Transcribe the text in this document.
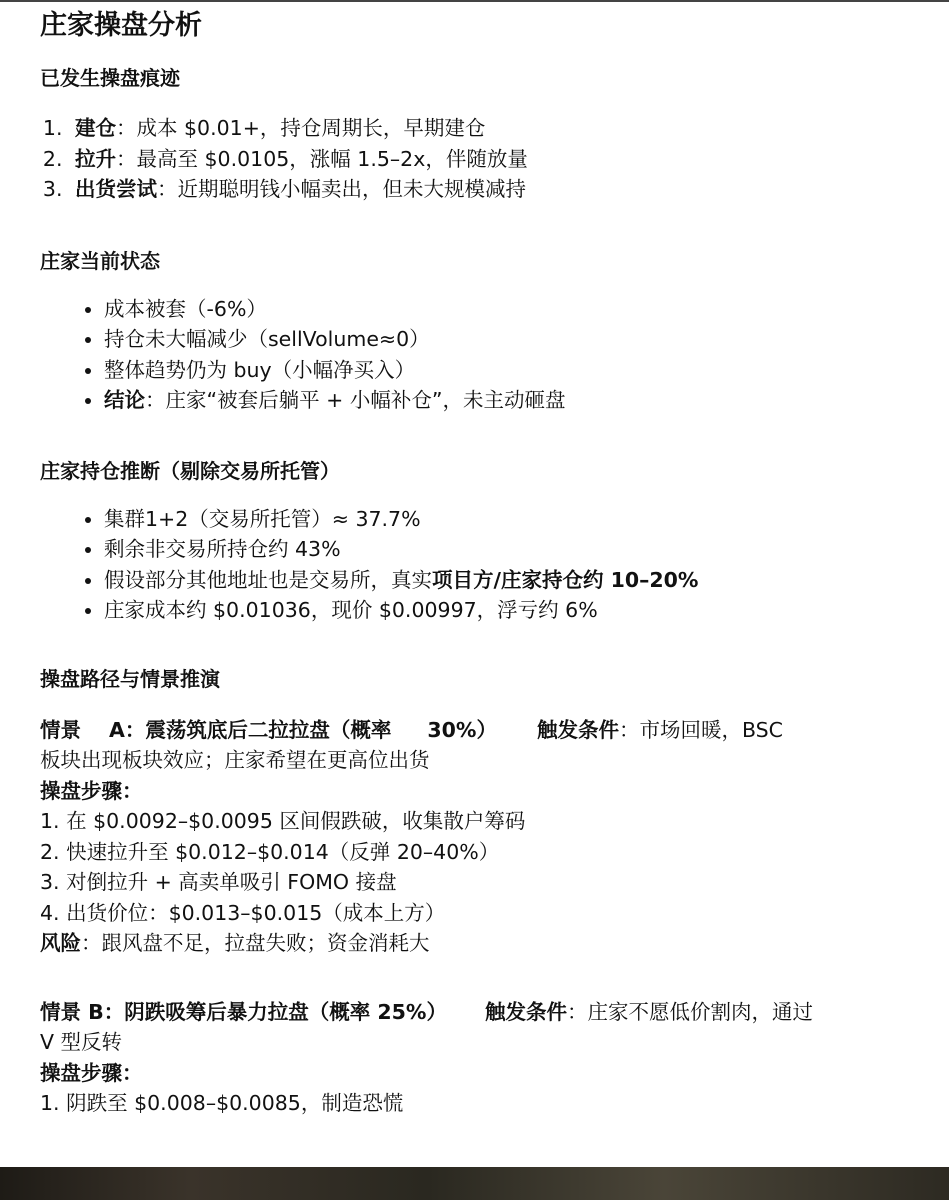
庄家操盘分析
已发生操盘痕迹
1. 建仓：成本 $0.01+，持仓周期长，早期建仓
2. 拉升：最高至 $0.0105，涨幅 1.5–2x，伴随放量
3. 出货尝试：近期聪明钱小幅卖出，但未大规模减持
庄家当前状态
• 成本被套（-6%）
• 持仓未大幅减少（sellVolume≈0）
• 整体趋势仍为 buy（小幅净买入）
• 结论：庄家“被套后躺平 + 小幅补仓”，未主动砸盘
庄家持仓推断（剔除交易所托管）
• 集群1+2（交易所托管）≈ 37.7%
• 剩余非交易所持仓约 43%
• 假设部分其他地址也是交易所，真实项目方/庄家持仓约 10–20%
• 庄家成本约 $0.01036，现价 $0.00997，浮亏约 6%
操盘路径与情景推演
情景 A：震荡筑底后二拉拉盘（概率 30%） 触发条件：市场回暖，BSC
板块出现板块效应；庄家希望在更高位出货
操盘步骤：
1. 在 $0.0092–$0.0095 区间假跌破，收集散户筹码
2. 快速拉升至 $0.012–$0.014（反弹 20–40%）
3. 对倒拉升 + 高卖单吸引 FOMO 接盘
4. 出货价位：$0.013–$0.015（成本上方）
风险：跟风盘不足，拉盘失败；资金消耗大
情景 B：阴跌吸筹后暴力拉盘（概率 25%） 触发条件：庄家不愿低价割肉，通过
V 型反转
操盘步骤：
1. 阴跌至 $0.008–$0.0085，制造恐慌
